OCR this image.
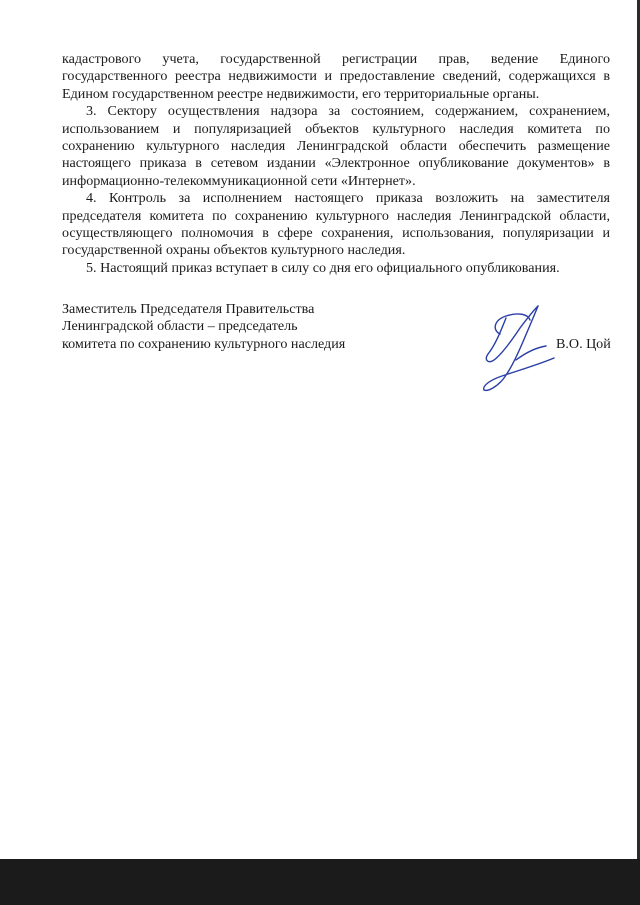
кадастрового учета, государственной регистрации прав, ведение Единого государственного реестра недвижимости и предоставление сведений, содержащихся в Едином государственном реестре недвижимости, его территориальные органы.

3. Сектору осуществления надзора за состоянием, содержанием, сохранением, использованием и популяризацией объектов культурного наследия комитета по сохранению культурного наследия Ленинградской области обеспечить размещение настоящего приказа в сетевом издании «Электронное опубликование документов» в информационно-телекоммуникационной сети «Интернет».

4. Контроль за исполнением настоящего приказа возложить на заместителя председателя комитета по сохранению культурного наследия Ленинградской области, осуществляющего полномочия в сфере сохранения, использования, популяризации и государственной охраны объектов культурного наследия.

5. Настоящий приказ вступает в силу со дня его официального опубликования.

Заместитель Председателя Правительства
Ленинградской области – председатель
комитета по сохранению культурного наследия	В.О. Цой
